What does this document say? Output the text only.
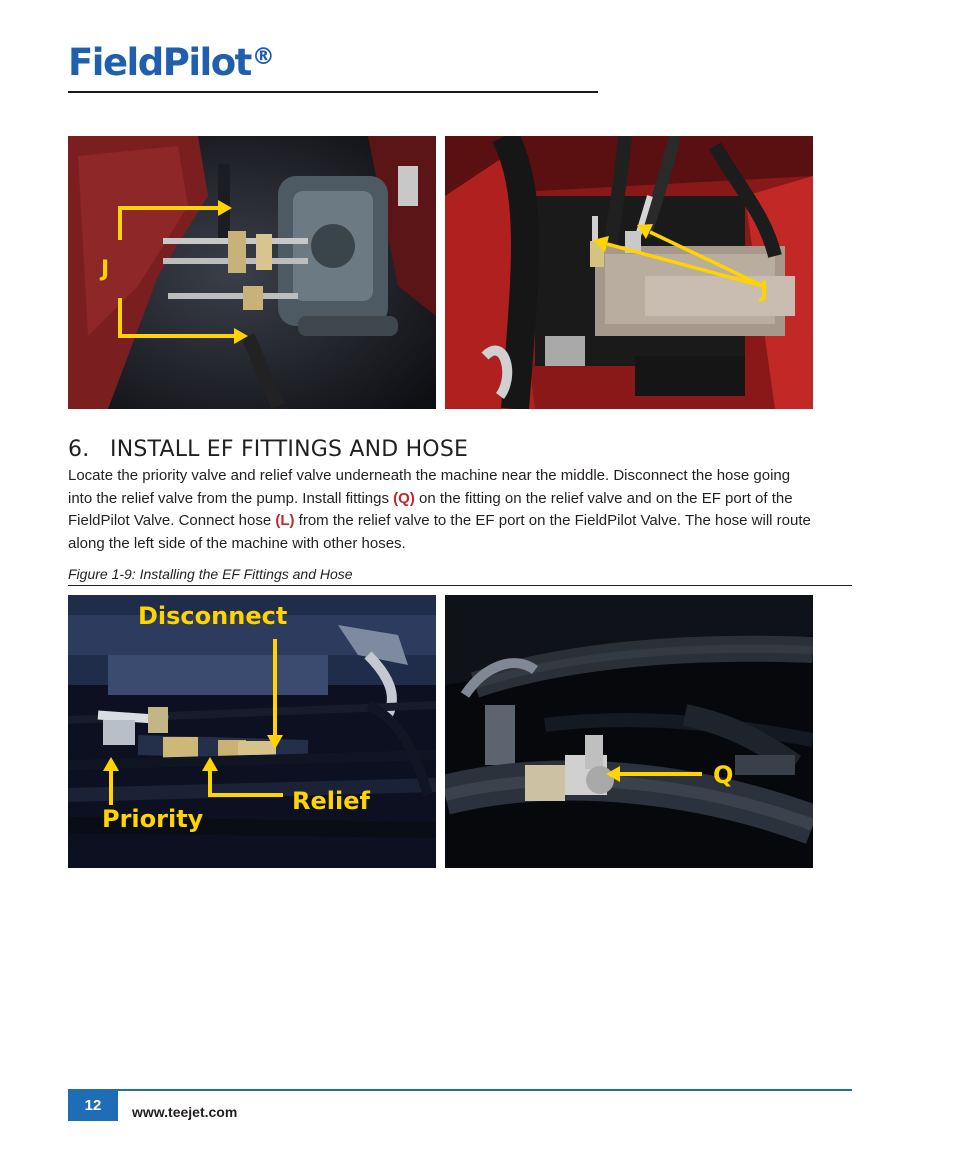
FieldPilot®
J
J
6. INSTALL EF FITTINGS AND HOSE
Locate the priority valve and relief valve underneath the machine near the middle. Disconnect the hose going
into the relief valve from the pump. Install fittings (Q) on the fitting on the relief valve and on the EF port of the
FieldPilot Valve. Connect hose (L) from the relief valve to the EF port on the FieldPilot Valve. The hose will route
along the left side of the machine with other hoses.
Figure 1-9: Installing the EF Fittings and Hose
Disconnect
Relief
Priority
Q
12	www.teejet.com
